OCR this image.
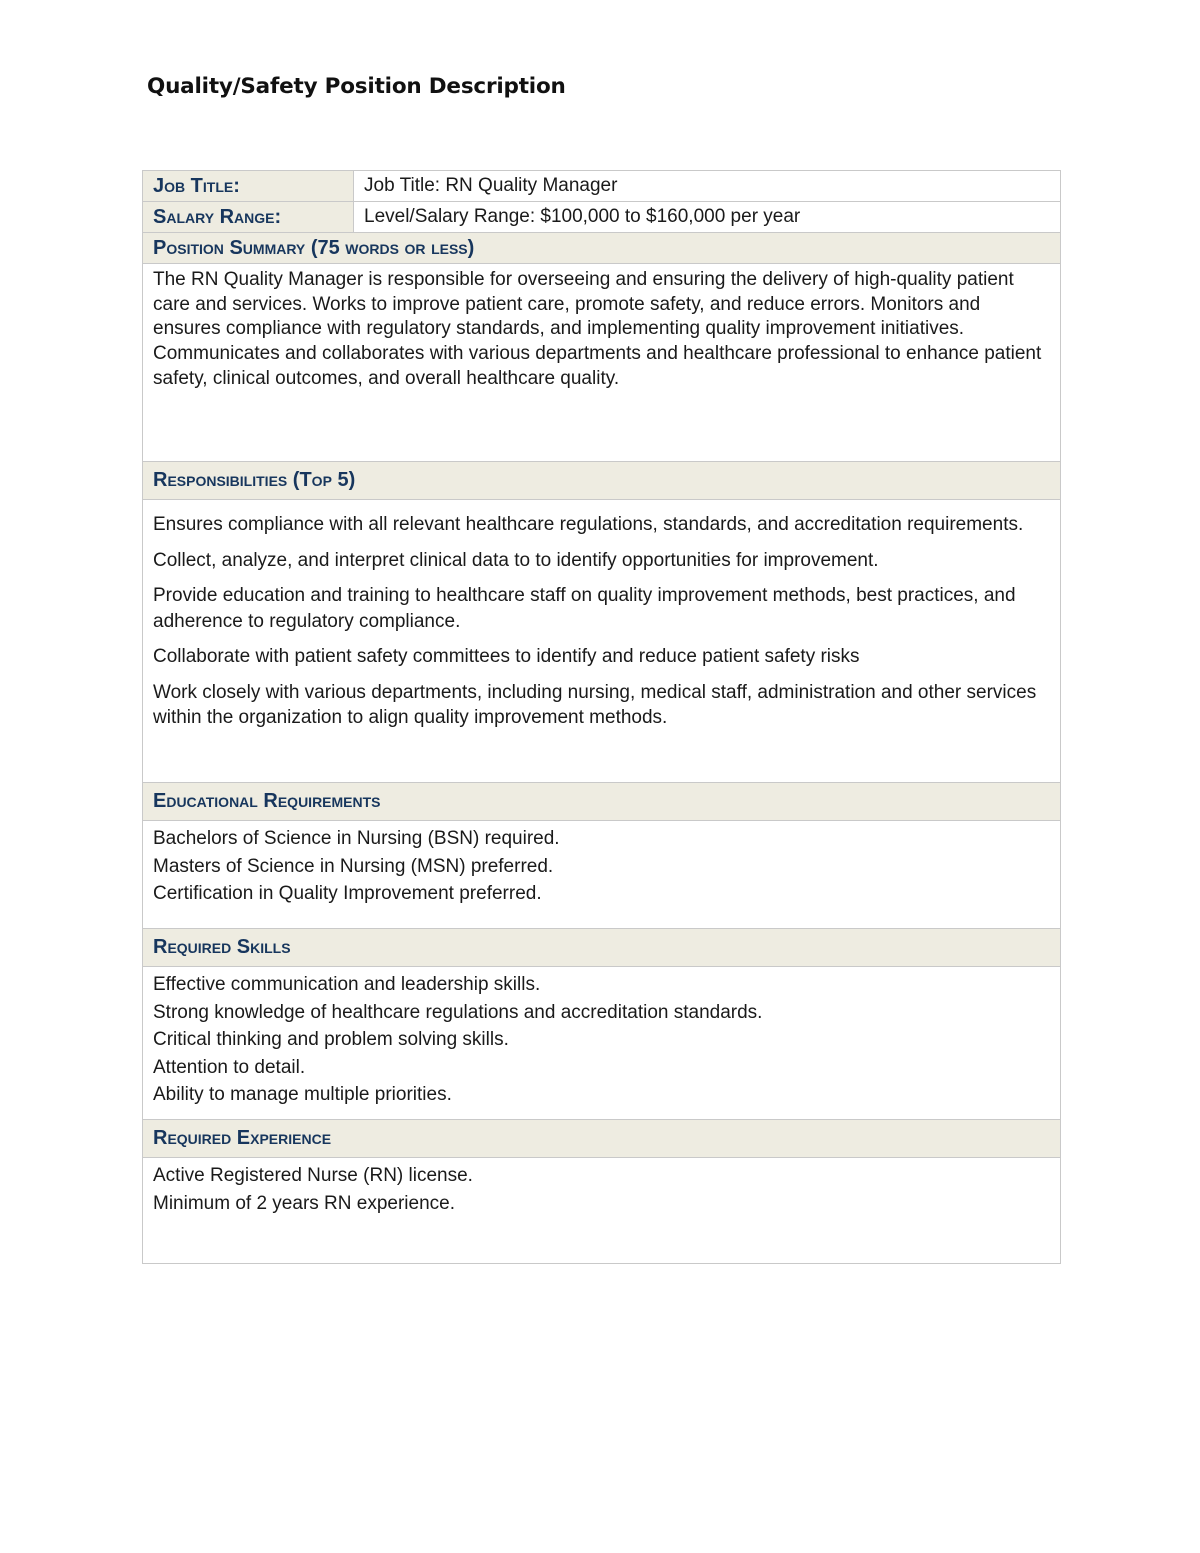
Quality/Safety Position Description
Job Title:	Job Title: RN Quality Manager
Salary Range:	Level/Salary Range: $100,000 to $160,000 per year
Position Summary (75 words or less)	
The RN Quality Manager is responsible for overseeing and ensuring the delivery of high-quality patient care and services. Works to improve patient care, promote safety, and reduce errors. Monitors and ensures compliance with regulatory standards, and implementing quality improvement initiatives. Communicates and collaborates with various departments and healthcare professional to enhance patient safety, clinical outcomes, and overall healthcare quality.	
Responsibilities (Top 5)	

Ensures compliance with all relevant healthcare regulations, standards, and accreditation requirements.

Collect, analyze, and interpret clinical data to to identify opportunities for improvement.

Provide education and training to healthcare staff on quality improvement methods, best practices, and adherence to regulatory compliance.

Collaborate with patient safety committees to identify and reduce patient safety risks

Work closely with various departments, including nursing, medical staff, administration and other services within the organization to align quality improvement methods.	

Educational Requirements	

Bachelors of Science in Nursing (BSN) required.
Masters of Science in Nursing (MSN) preferred.
Certification in Quality Improvement preferred.	

Required Skills	

Effective communication and leadership skills.
Strong knowledge of healthcare regulations and accreditation standards.
Critical thinking and problem solving skills.
Attention to detail.
Ability to manage multiple priorities.	

Required Experience	

Active Registered Nurse (RN) license.
Minimum of 2 years RN experience.	
